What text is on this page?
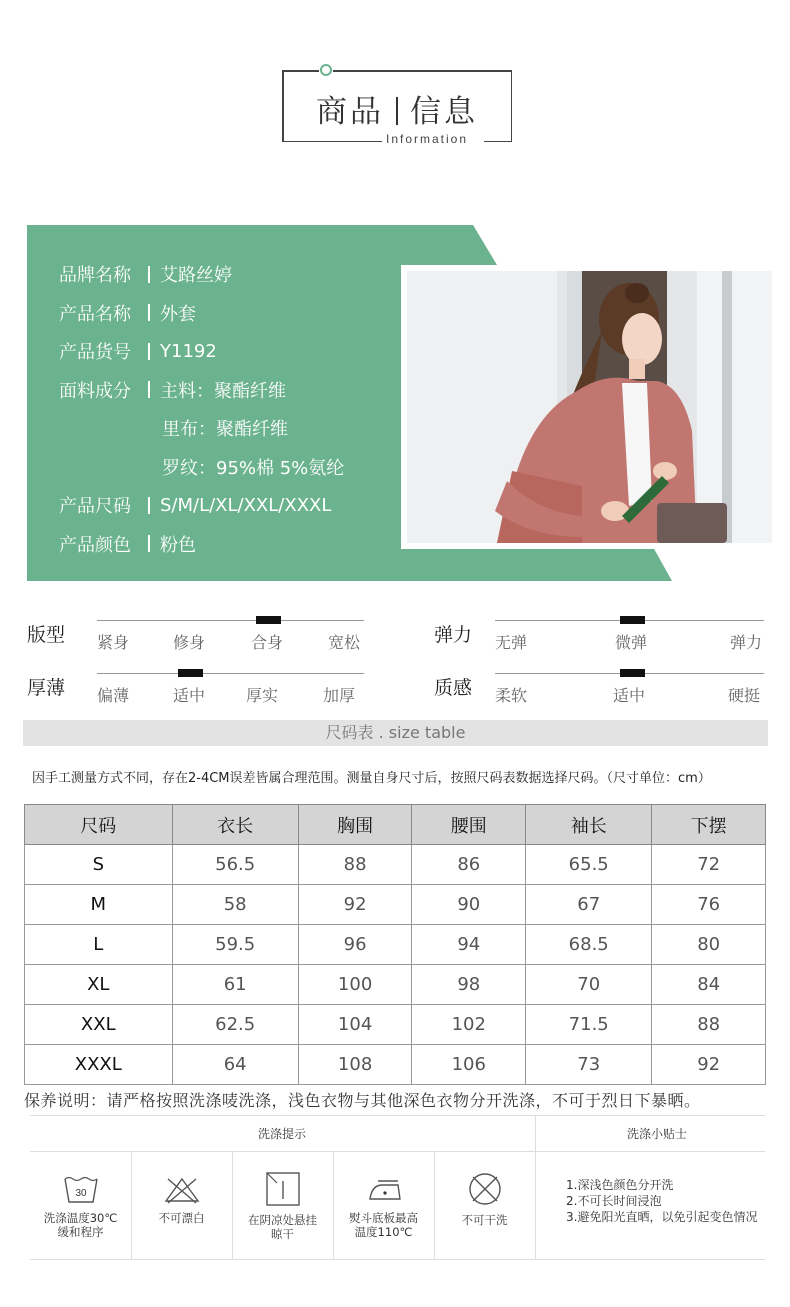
商品 信息
Information
品牌名称	艾路丝婷
产品名称	外套
产品货号	Y1192
面料成分	主料：聚酯纤维
里布：聚酯纤维
罗纹：95%棉 5%氨纶
产品尺码	S/M/L/XL/XXL/XXXL
产品颜色	粉色
版型 紧身	修身	合身	宽松	弹力 无弹	微弹	弹力
厚薄 偏薄	适中	厚实	加厚	质感 柔软	适中	硬挺
尺码表 . size table
因手工测量方式不同，存在2-4CM误差皆属合理范围。测量自身尺寸后，按照尺码表数据选择尺码。（尺寸单位：cm）
尺码	衣长	胸围	腰围	袖长	下摆
S	56.5	88	86	65.5	72
M	58	92	90	67	76
L	59.5	96	94	68.5	80
XL	61	100	98	70	84
XXL	62.5	104	102	71.5	88
XXXL	64	108	106	73	92
保养说明：请严格按照洗涤唛洗涤，浅色衣物与其他深色衣物分开洗涤，不可于烈日下暴晒。
洗涤提示	洗涤小贴士
30
洗涤温度30℃
缓和程序
不可漂白	在阴凉处悬挂
晾干
熨斗底板最高
温度110℃
不可干洗
1.深浅色颜色分开洗
2.不可长时间浸泡
3.避免阳光直晒，以免引起变色情况
